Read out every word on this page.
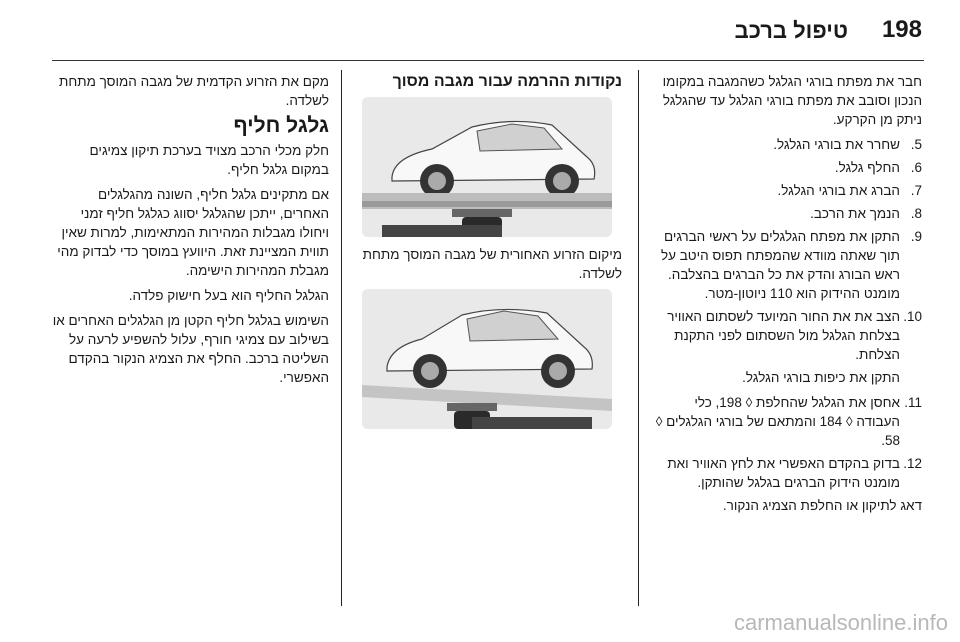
198
טיפול ברכב

חבר את מפתח בורגי הגלגל כשהמגבה במקומו הנכון וסובב את מפתח בורגי הגלגל עד שהגלגל ניתק מן הקרקע.

5.
שחרר את בורגי הגלגל.
6.
החלף גלגל.
7.
הברג את בורגי הגלגל.
8.
הנמך את הרכב.
9.
התקן את מפתח הגלגלים על ראשי הברגים תוך שאתה מוודא שהמפתח תפוס היטב על ראש הבורג והדק את כל הברגים בהצלבה. מומנט ההידוק הוא 110 ניוטון-מטר.
10.
הצב את את החור המיועד לשסתום האוויר בצלחת הגלגל מול השסתום לפני התקנת הצלחת.

התקן את כיפות בורגי הגלגל.

11.
אחסן את הגלגל שהחלפת ◊ 198, כלי העבודה ◊ 184 והמתאם של בורגי הגלגלים ◊ 58.
12.
בדוק בהקדם האפשרי את לחץ האוויר ואת מומנט הידוק הברגים בגלגל שהותקן.

דאג לתיקון או החלפת הצמיג הנקור.

נקודות ההרמה עבור מגבה מסוך

מיקום הזרוע האחורית של מגבה המוסך מתחת לשלדה.

מקם את הזרוע הקדמית של מגבה המוסך מתחת לשלדה.

גלגל חליף

חלק מכלי הרכב מצויד בערכת תיקון צמיגים במקום גלגל חליף.

אם מתקינים גלגל חליף, השונה מהגלגלים האחרים, ייתכן שהגלגל יסווג כגלגל חליף זמני ויחולו מגבלות המהירות המתאימות, למרות שאין תווית המציינת זאת. היוועץ במוסך כדי לבדוק מהי מגבלת המהירות הישימה.

הגלגל החליף הוא בעל חישוק פלדה.

השימוש בגלגל חליף הקטן מן הגלגלים האחרים או בשילוב עם צמיגי חורף, עלול להשפיע לרעה על השליטה ברכב. החלף את הצמיג הנקור בהקדם האפשרי.

carmanualsonline.info
